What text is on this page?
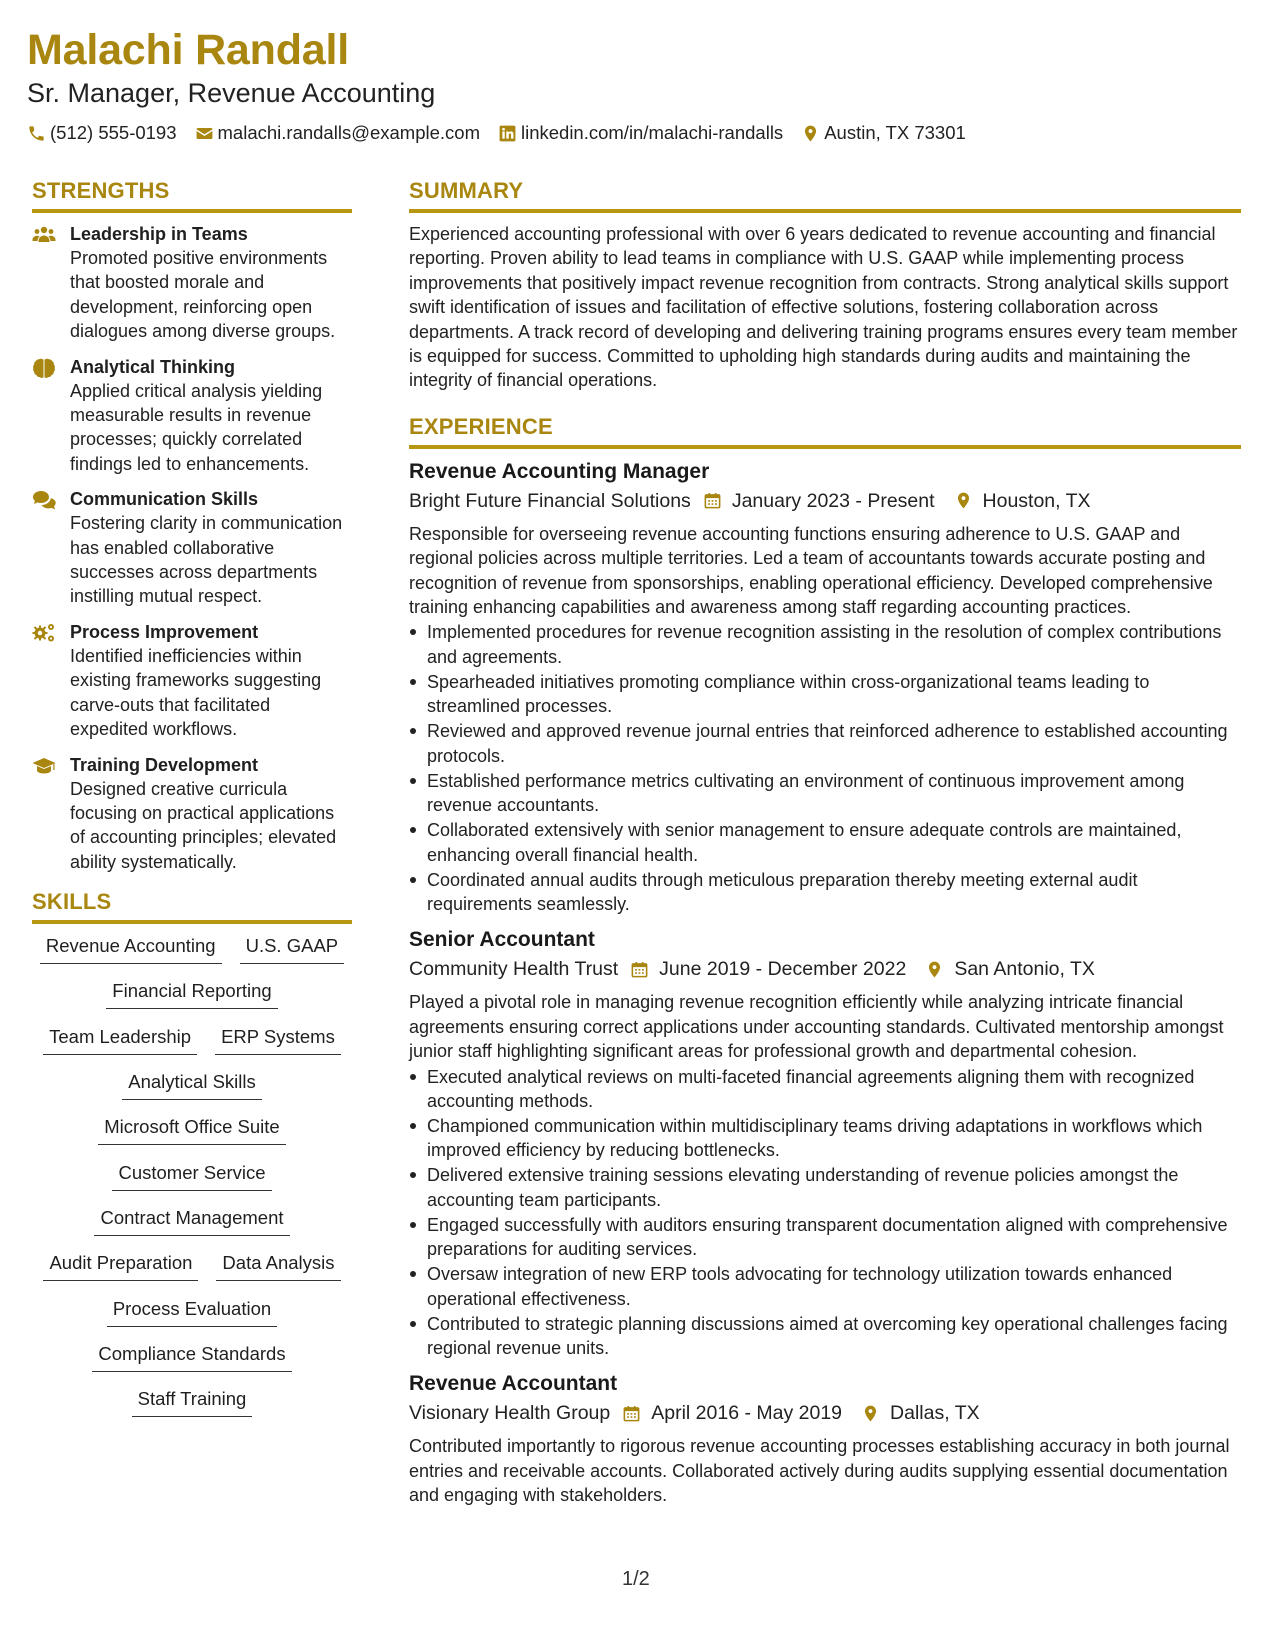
Malachi Randall
Sr. Manager, Revenue Accounting
(512) 555-0193 malachi.randalls@example.com linkedin.com/in/malachi-randalls Austin, TX 73301
STRENGTHS
Leadership in Teams
Promoted positive environments that boosted morale and development, reinforcing open dialogues among diverse groups.
Analytical Thinking
Applied critical analysis yielding measurable results in revenue processes; quickly correlated findings led to enhancements.
Communication Skills
Fostering clarity in communication has enabled collaborative successes across departments instilling mutual respect.
Process Improvement
Identified inefficiencies within existing frameworks suggesting carve-outs that facilitated expedited workflows.
Training Development
Designed creative curricula focusing on practical applications of accounting principles; elevated ability systematically.
SKILLS
Revenue Accounting	U.S. GAAP
Financial Reporting
Team Leadership	ERP Systems
Analytical Skills
Microsoft Office Suite
Customer Service
Contract Management
Audit Preparation	Data Analysis
Process Evaluation
Compliance Standards
Staff Training
SUMMARY
Experienced accounting professional with over 6 years dedicated to revenue accounting and financial reporting. Proven ability to lead teams in compliance with U.S. GAAP while implementing process improvements that positively impact revenue recognition from contracts. Strong analytical skills support swift identification of issues and facilitation of effective solutions, fostering collaboration across departments. A track record of developing and delivering training programs ensures every team member is equipped for success. Committed to upholding high standards during audits and maintaining the integrity of financial operations.
EXPERIENCE
Revenue Accounting Manager
Bright Future Financial Solutions January 2023 - Present Houston, TX
Responsible for overseeing revenue accounting functions ensuring adherence to U.S. GAAP and regional policies across multiple territories. Led a team of accountants towards accurate posting and recognition of revenue from sponsorships, enabling operational efficiency. Developed comprehensive training enhancing capabilities and awareness among staff regarding accounting practices.
Implemented procedures for revenue recognition assisting in the resolution of complex contributions and agreements.
Spearheaded initiatives promoting compliance within cross-organizational teams leading to streamlined processes.
Reviewed and approved revenue journal entries that reinforced adherence to established accounting protocols.
Established performance metrics cultivating an environment of continuous improvement among revenue accountants.
Collaborated extensively with senior management to ensure adequate controls are maintained, enhancing overall financial health.
Coordinated annual audits through meticulous preparation thereby meeting external audit requirements seamlessly.
Senior Accountant
Community Health Trust June 2019 - December 2022 San Antonio, TX
Played a pivotal role in managing revenue recognition efficiently while analyzing intricate financial agreements ensuring correct applications under accounting standards. Cultivated mentorship amongst junior staff highlighting significant areas for professional growth and departmental cohesion.
Executed analytical reviews on multi-faceted financial agreements aligning them with recognized accounting methods.
Championed communication within multidisciplinary teams driving adaptations in workflows which improved efficiency by reducing bottlenecks.
Delivered extensive training sessions elevating understanding of revenue policies amongst the accounting team participants.
Engaged successfully with auditors ensuring transparent documentation aligned with comprehensive preparations for auditing services.
Oversaw integration of new ERP tools advocating for technology utilization towards enhanced operational effectiveness.
Contributed to strategic planning discussions aimed at overcoming key operational challenges facing regional revenue units.
Revenue Accountant
Visionary Health Group April 2016 - May 2019 Dallas, TX
Contributed importantly to rigorous revenue accounting processes establishing accuracy in both journal entries and receivable accounts. Collaborated actively during audits supplying essential documentation and engaging with stakeholders.
1/2
